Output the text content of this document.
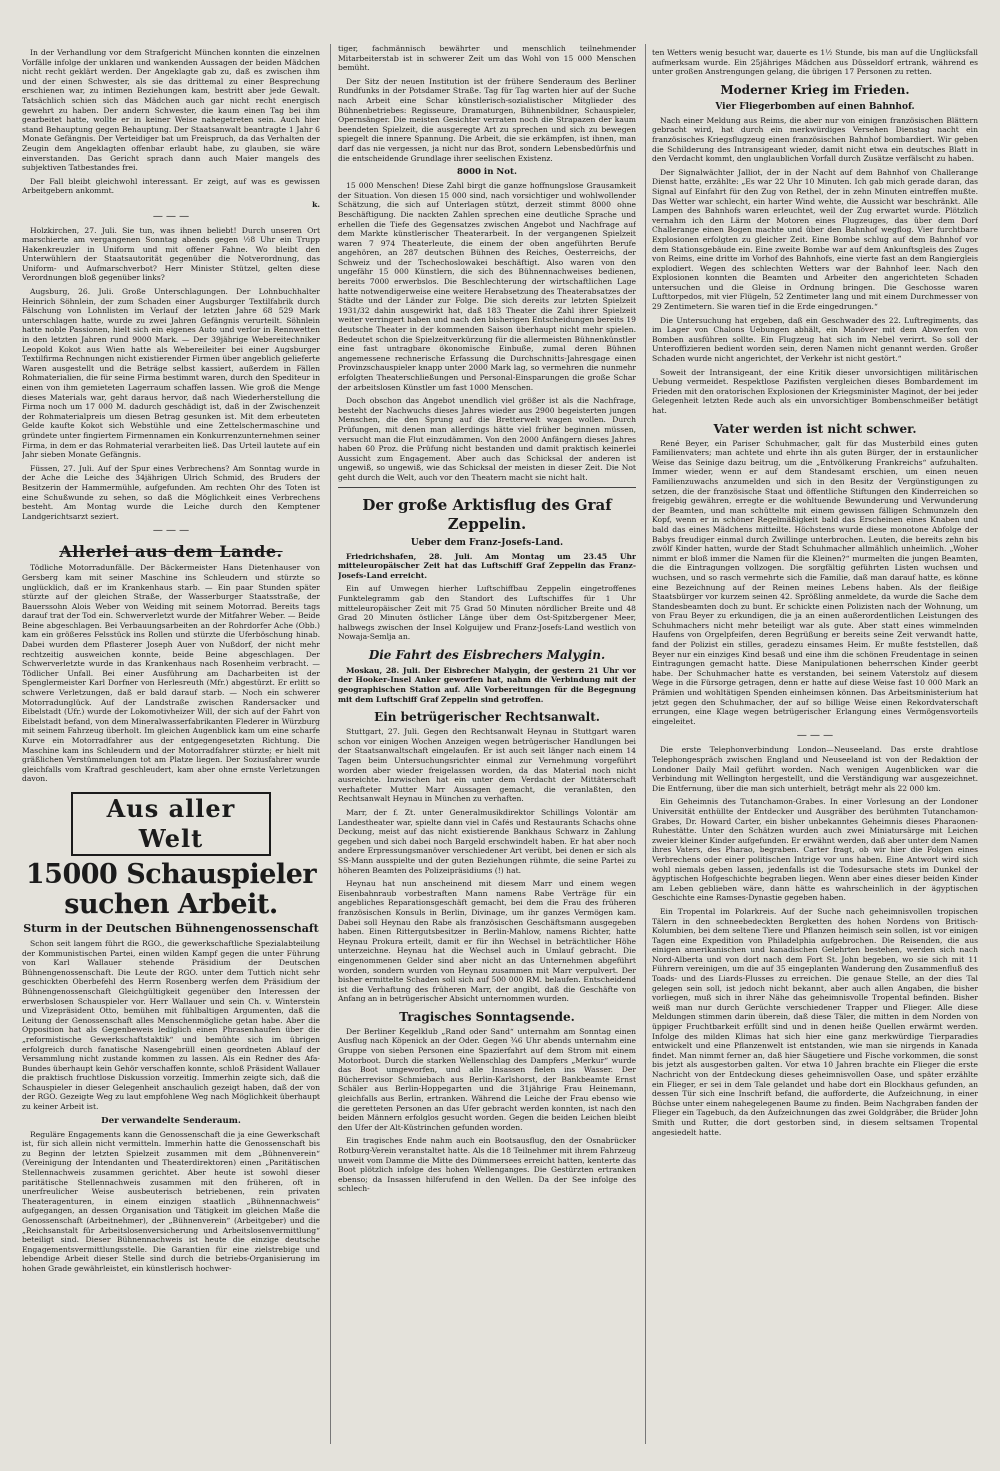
In der Verhandlung vor dem Strafgericht München konnten die einzelnen Vorfälle infolge der unklaren und wankenden Aussagen der beiden Mädchen nicht recht geklärt werden. Der Angeklagte gab zu, daß es zwischen ihm und der einen Schwester, als sie das drittemal zu einer Besprechung erschienen war, zu intimen Beziehungen kam, bestritt aber jede Gewalt. Tatsächlich schien sich das Mädchen auch gar nicht recht energisch gewehrt zu haben. Der andern Schwester, die kaum einen Tag bei ihm gearbeitet hatte, wollte er in keiner Weise nahegetreten sein. Auch hier stand Behauptung gegen Behauptung. Der Staatsanwalt beantragte 1 Jahr 6 Monate Gefängnis. Der Verteidiger bat um Freispruch, da das Verhalten der Zeugin dem Angeklagten offenbar erlaubt habe, zu glauben, sie wäre einverstanden. Das Gericht sprach dann auch Maier mangels des subjektiven Tatbestandes frei.

Der Fall bleibt gleichwohl interessant. Er zeigt, auf was es gewissen Arbeitgebern ankommt.

k.
— — —

Holzkirchen, 27. Juli. Sie tun, was ihnen beliebt! Durch unseren Ort marschierte am vergangenen Sonntag abends gegen ½8 Uhr ein Trupp Hakenkreuzler in Uniform und mit offener Fahne. Wo bleibt den Unterwühlern der Staatsautorität gegenüber die Notverordnung, das Uniform- und Aufmarschverbot? Herr Minister Stützel, gelten diese Verordnungen bloß gegenüber links?

Augsburg, 26. Juli. Große Unterschlagungen. Der Lohnbuchhalter Heinrich Söhnlein, der zum Schaden einer Augsburger Textilfabrik durch Fälschung von Lohnlisten im Verlauf der letzten Jahre 68 529 Mark unterschlagen hatte, wurde zu zwei Jahren Gefängnis verurteilt. Söhnlein hatte noble Passionen, hielt sich ein eigenes Auto und verlor in Rennwetten in den letzten Jahren rund 9000 Mark. — Der 39jährige Webereitechniker Leopold Kokot aus Wien hatte als Webereileiter bei einer Augsburger Textilfirma Rechnungen nicht existierender Firmen über angeblich gelieferte Waren ausgestellt und die Beträge selbst kassiert, außerdem in Fällen Rohmaterialien, die für seine Firma bestimmt waren, durch den Spediteur in einen von ihm gemieteten Lagerraum schaffen lassen. Wie groß die Menge dieses Materials war, geht daraus hervor, daß nach Wiederherstellung die Firma noch um 17 000 M. dadurch geschädigt ist, daß in der Zwischenzeit der Rohmaterialpreis um diesen Betrag gesunken ist. Mit dem erbeuteten Gelde kaufte Kokot sich Webstühle und eine Zettelschermaschine und gründete unter fingiertem Firmennamen ein Konkurrenzunternehmen seiner Firma, in dem er das Rohmaterial verarbeiten ließ. Das Urteil lautete auf ein Jahr sieben Monate Gefängnis.

Füssen, 27. Juli. Auf der Spur eines Verbrechens? Am Sonntag wurde in der Ache die Leiche des 34jährigen Ulrich Schmid, des Bruders der Besitzerin der Hammermühle, aufgefunden. Am rechten Ohr des Toten ist eine Schußwunde zu sehen, so daß die Möglichkeit eines Verbrechens besteht. Am Montag wurde die Leiche durch den Kemptener Landgerichtsarzt seziert.

— — —
Allerlei aus dem Lande.

Tödliche Motorradunfälle. Der Bäckermeister Hans Dietenhauser von Gersberg kam mit seiner Maschine ins Schleudern und stürzte so unglücklich, daß er im Krankenhaus starb. — Ein paar Stunden später stürzte auf der gleichen Straße, der Wasserburger Staatsstraße, der Bauerssohn Alois Weber von Weiding mit seinem Motorrad. Bereits tags darauf trat der Tod ein. Schwerverletzt wurde der Mitfahrer Weber. — Beide Beine abgeschlagen. Bei Verbauungsarbeiten an der Rohrdorfer Ache (Obb.) kam ein größeres Felsstück ins Rollen und stürzte die Uferböschung hinab. Dabei wurden dem Pflasterer Joseph Auer von Nußdorf, der nicht mehr rechtzeitig ausweichen konnte, beide Beine abgeschlagen. Der Schwerverletzte wurde in das Krankenhaus nach Rosenheim verbracht. — Tödlicher Unfall. Bei einer Ausführung am Dacharbeiten ist der Spenglermeister Karl Dorfner von Herlesreuth (Mfr.) abgestürzt. Er erlitt so schwere Verletzungen, daß er bald darauf starb. — Noch ein schwerer Motorradunglück. Auf der Landstraße zwischen Randersacker und Eibelstadt (Ufr.) wurde der Lokomotivheizer Will, der sich auf der Fahrt von Eibelstadt befand, von dem Mineralwasserfabrikanten Flederer in Würzburg mit seinem Fahrzeug überholt. Im gleichen Augenblick kam um eine scharfe Kurve ein Motorradfahrer aus der entgegengesetzten Richtung. Die Maschine kam ins Schleudern und der Motorradfahrer stürzte; er hielt mit gräßlichen Verstümmelungen tot am Platze liegen. Der Soziusfahrer wurde gleichfalls vom Kraftrad geschleudert, kam aber ohne ernste Verletzungen davon.

Aus aller Welt
15000 Schauspieler suchen Arbeit.
Sturm in der Deutschen Bühnengenossenschaft

Schon seit langem führt die RGO., die gewerkschaftliche Spezialabteilung der Kommunistischen Partei, einen wilden Kampf gegen die unter Führung von Karl Wallauer stehende Präsidium der Deutschen Bühnengenossenschaft. Die Leute der RGO. unter dem Tuttich nicht sehr geschickten Oberbefehl des Herrn Rosenberg werfen dem Präsidium der Bühnengenossenschaft Gleichgültigkeit gegenüber den Interessen der erwerbslosen Schauspieler vor. Herr Wallauer und sein Ch. v. Winterstein und Vizepräsident Otto, bemühen mit fühlbaltigen Argumenten, daß die Leitung der Genossenschaft alles Menschenmögliche getan habe. Aber die Opposition hat als Gegenbeweis lediglich einen Phrasenhaufen über die „reformistische Gewerkschaftstaktik“ und bemühte sich im übrigen erfolgreich durch fanatische Nasengebrüll einen geordneten Ablauf der Versammlung nicht zustande kommen zu lassen. Als ein Redner des Afa-Bundes überhaupt kein Gehör verschaffen konnte, schloß Präsident Wallauer die praktisch fruchtlose Diskussion vorzeitig. Immerhin zeigte sich, daß die Schauspieler in dieser Gelegenheit anschaulich gezeigt haben, daß der von der RGO. Gezeigte Weg zu laut empfohlene Weg nach Möglichkeit überhaupt zu keiner Arbeit ist.

Der verwandelte Senderaum.

Reguläre Engagements kann die Genossenschaft die ja eine Gewerkschaft ist, für sich allein nicht vermitteln. Immerhin hatte die Genossenschaft bis zu Beginn der letzten Spielzeit zusammen mit dem „Bühnenverein“ (Vereinigung der Intendanten und Theaterdirektoren) einen „Paritätischen Stellennachweis zusammen gerichtet. Aber heute ist sowohl dieser paritätische Stellennachweis zusammen mit den früheren, oft in unerfreulicher Weise ausbeuterisch betriebenen, rein privaten Theateragenturen, in einem einzigen staatlich „Bühnennachweis“ aufgegangen, an dessen Organisation und Tätigkeit im gleichen Maße die Genossenschaft (Arbeitnehmer), der „Bühnenverein“ (Arbeitgeber) und die „Reichsanstalt für Arbeitslosenversicherung und Arbeitslosenvermittlung“ beteiligt sind. Dieser Bühnennachweis ist heute die einzige deutsche Engagementsvermittlungsstelle. Die Garantien für eine zielstrebige und lebendige Arbeit dieser Stelle sind durch die betriebs-Organisierung im hohen Grade gewährleistet, ein künstlerisch hochwer-

tiger, fachmännisch bewährter und menschlich teilnehmender Mitarbeiterstab ist in schwerer Zeit um das Wohl von 15 000 Menschen bemüht.

Der Sitz der neuen Institution ist der frühere Senderaum des Berliner Rundfunks in der Potsdamer Straße. Tag für Tag warten hier auf der Suche nach Arbeit eine Schar künstlerisch-sozialistischer Mitglieder des Bühnenbetriebes: Regisseure, Dramaturgen, Bühnenbildner, Schauspieler, Opernsänger. Die meisten Gesichter verraten noch die Strapazen der kaum beendeten Spielzeit, die ausgeregte Art zu sprechen und sich zu bewegen spiegelt die innere Spannung. Die Arbeit, die sie erkämpfen, ist ihnen, man darf das nie vergessen, ja nicht nur das Brot, sondern Lebensbedürfnis und die entscheidende Grundlage ihrer seelischen Existenz.

8000 in Not.

15 000 Menschen! Diese Zahl birgt die ganze hoffnungslose Grausamkeit der Situation. Von diesen 15 000 sind, nach vorsichtiger und wohlwollender Schätzung, die sich auf Unterlagen stützt, derzeit stimmt 8000 ohne Beschäftigung. Die nackten Zahlen sprechen eine deutliche Sprache und erhellen die Tiefe des Gegensatzes zwischen Angebot und Nachfrage auf dem Markte künstlerischer Theaterarbeit. In der vergangenen Spielzeit waren 7 974 Theaterleute, die einem der oben angeführten Berufe angehören, an 287 deutschen Bühnen des Reiches, Oesterreichs, der Schweiz und der Tschechoslowakei beschäftigt. Also waren von den ungefähr 15 000 Künstlern, die sich des Bühnennachweises bedienen, bereits 7000 erwerbslos. Die Beschlechterung der wirtschaftlichen Lage hatte notwendigerweise eine weitere Herabsetzung des Theaterabsatzes der Städte und der Länder zur Folge. Die sich dereits zur letzten Spielzeit 1931/32 dahin ausgewirkt hat, daß 183 Theater die Zahl ihrer Spielzeit weiter verringert haben und nach den bisherigen Entscheidungen bereits 19 deutsche Theater in der kommenden Saison überhaupt nicht mehr spielen. Bedeutet schon die Spielzeitverkürzung für die allermeisten Bühnenkünstler eine fast untragbare ökonomische Einbuße, zumal deren Bühnen angemessene rechnerische Erfassung die Durchschnitts-Jahresgage einen Provinzschauspieler knapp unter 2000 Mark lag, so vermehren die nunmehr erfolgten Theaterschließungen und Personal-Einsparungen die große Schar der arbeitslosen Künstler um fast 1000 Menschen.

Doch obschon das Angebot unendlich viel größer ist als die Nachfrage, besteht der Nachwuchs dieses Jahres wieder aus 2900 begeisterten jungen Menschen, die den Sprung auf die Bretterwelt wagen wollen. Durch Prüfungen, mit denen man allerdings hätte viel früher beginnen müssen, versucht man die Flut einzudämmen. Von den 2000 Anfängern dieses Jahres haben 60 Proz. die Prüfung nicht bestanden und damit praktisch keinerlei Aussicht zum Engagement. Aber auch das Schicksal der anderen ist ungewiß, so ungewiß, wie das Schicksal der meisten in dieser Zeit. Die Not geht durch die Welt, auch vor den Theatern macht sie nicht halt.

Der große Arktisflug des Graf Zeppelin.
Ueber dem Franz-Josefs-Land.

Friedrichshafen, 28. Juli. Am Montag um 23.45 Uhr mitteleuropäischer Zeit hat das Luftschiff Graf Zeppelin das Franz-Josefs-Land erreicht.

Ein auf Umwegen hierher Luftschiffbau Zeppelin eingetroffenes Funktelegramm gab den Standort des Luftschiffes für 1 Uhr mitteleuropäischer Zeit mit 75 Grad 50 Minuten nördlicher Breite und 48 Grad 20 Minuten östlicher Länge über dem Ost-Spitzbergener Meer, halbwegs zwischen der Insel Kolguijew und Franz-Josefs-Land westlich von Nowaja-Semlja an.

Die Fahrt des Eisbrechers Malygin.

Moskau, 28. Juli. Der Eisbrecher Malygin, der gestern 21 Uhr vor der Hooker-Insel Anker geworfen hat, nahm die Verbindung mit der geographischen Station auf. Alle Vorbereitungen für die Begegnung mit dem Luftschiff Graf Zeppelin sind getroffen.

Ein betrügerischer Rechtsanwalt.

Stuttgart, 27. Juli. Gegen den Rechtsanwalt Heynau in Stuttgart waren schon vor einigen Wochen Anzeigen wegen betrügerischer Handlungen bei der Staatsanwaltschaft eingelaufen. Er ist auch seit länger nach einem 14 Tagen beim Untersuchungsrichter einmal zur Vernehmung vorgeführt worden aber wieder freigelassen worden, da das Material noch nicht ausreichte. Inzwischen hat ein unter dem Verdacht der Mittäterschaft verhafteter Mutter Marr Aussagen gemacht, die veranlaßten, den Rechtsanwalt Heynau in München zu verhaften.

Marr, der f. Zt. unter Generalmusikdirektor Schillings Volontär am Landestheater war, spielte dann viel in Cafés und Restaurants Schachs ohne Deckung, meist auf das nicht existierende Bankhaus Schwarz in Zahlung gegeben und sich dabei noch Bargeld erschwindelt haben. Er hat aber noch andere Erpressungsmanöver verschiedener Art verübt, bei denen er sich als SS-Mann ausspielte und der guten Beziehungen rühmte, die seine Partei zu höheren Beamten des Polizeipräsidiums (!) hat.

Heynau hat nun anscheinend mit diesem Marr und einem wegen Eisenbahnraub vorbestraften Mann namens Rabe Verträge für ein angebliches Reparationsgeschäft gemacht, bei dem die Frau des früheren französischen Konsuls in Berlin, Divinage, um ihr ganzes Vermögen kam. Dabei soll Heynau den Rabe als französischen Geschäftsmann ausgegeben haben. Einen Rittergutsbesitzer in Berlin-Mahlow, namens Richter, hatte Heynau Prokura erteilt, damit er für ihn Wechsel in beträchtlicher Höhe unterzeichne. Heynau hat die Wechsel auch in Umlauf gebracht. Die eingenommenen Gelder sind aber nicht an das Unternehmen abgeführt worden, sondern wurden von Heynau zusammen mit Marr verpulvert. Der bisher ermittelte Schaden soll sich auf 500 000 RM. belaufen. Entscheidend ist die Verhaftung des früheren Marr, der angibt, daß die Geschäfte von Anfang an in betrügerischer Absicht unternommen wurden.

Tragisches Sonntagsende.

Der Berliner Kegelklub „Rand oder Sand“ unternahm am Sonntag einen Ausflug nach Köpenick an der Oder. Gegen ¾6 Uhr abends unternahm eine Gruppe von sieben Personen eine Spazierfahrt auf dem Strom mit einem Motorboot. Durch die starken Wellenschlag des Dampfers „Merkur“ wurde das Boot umgeworfen, und alle Insassen fielen ins Wasser. Der Bücherrevisor Schmiebach aus Berlin-Karlshorst, der Bankbeamte Ernst Schäler aus Berlin-Hoppegarten und die 31jährige Frau Heinemann, gleichfalls aus Berlin, ertranken. Während die Leiche der Frau ebenso wie die geretteten Personen an das Ufer gebracht werden konnten, ist nach den beiden Männern erfolglos gesucht worden. Gegen die beiden Leichen bleibt den Ufer der Alt-Küstrinchen gefunden worden.

Ein tragisches Ende nahm auch ein Bootsausflug, den der Osnabrücker Rotburg-Verein veranstaltet hatte. Als die 18 Teilnehmer mit ihrem Fahrzeug unweit vom Damme die Mitte des Dümmersees erreicht hatten, kenterte das Boot plötzlich infolge des hohen Wellenganges. Die Gestürzten ertranken ebenso; da Insassen hilferufend in den Wellen. Da der See infolge des schlech-

ten Wetters wenig besucht war, dauerte es 1½ Stunde, bis man auf die Unglücksfall aufmerksam wurde. Ein 25jähriges Mädchen aus Düsseldorf ertrank, während es unter großen Anstrengungen gelang, die übrigen 17 Personen zu retten.

Moderner Krieg im Frieden.
Vier Fliegerbomben auf einen Bahnhof.

Nach einer Meldung aus Reims, die aber nur von einigen französischen Blättern gebracht wird, hat durch ein merkwürdiges Versehen Dienstag nacht ein französisches Kriegsflugzeug einen französischen Bahnhof bombardiert. Wir geben die Schilderung des Intransigeant wieder, damit nicht etwa ein deutsches Blatt in den Verdacht kommt, den unglaublichen Vorfall durch Zusätze verfälscht zu haben.

Der Signalwächter Jalliot, der in der Nacht auf dem Bahnhof von Challerange Dienst hatte, erzählte: „Es war 22 Uhr 10 Minuten. Ich gab mich gerade daran, das Signal auf Einfahrt für den Zug von Rethel, der in zehn Minuten eintreffen mußte. Das Wetter war schlecht, ein harter Wind wehte, die Aussicht war beschränkt. Alle Lampen des Bahnhofs waren erleuchtet, weil der Zug erwartet wurde. Plötzlich vernahm ich den Lärm der Motoren eines Flugzeuges, das über dem Dorf Challerange einen Bogen machte und über den Bahnhof wegflog. Vier furchtbare Explosionen erfolgten zu gleicher Zeit. Eine Bombe schlug auf dem Bahnhof vor dem Stationsgebäude ein. Eine zweite Bombe war auf dem Ankunftsgleis des Zuges von Reims, eine dritte im Vorhof des Bahnhofs, eine vierte fast an dem Rangiergleis explodiert. Wegen des schlechten Wetters war der Bahnhof leer. Nach den Explosionen konnten die Beamten und Arbeiter den angerichteten Schaden untersuchen und die Gleise in Ordnung bringen. Die Geschosse waren Lufttorpedos, mit vier Flügeln, 52 Zentimeter lang und mit einem Durchmesser von 29 Zentimetern. Sie waren tief in die Erde eingedrungen.“

Die Untersuchung hat ergeben, daß ein Geschwader des 22. Luftregiments, das im Lager von Chalons Uebungen abhält, ein Manöver mit dem Abwerfen von Bomben ausführen sollte. Ein Flugzeug hat sich im Nebel verirrt. So soll der Unteroffizieren bedient worden sein, deren Namen nicht genannt werden. Großer Schaden wurde nicht angerichtet, der Verkehr ist nicht gestört.“

Soweit der Intransigeant, der eine Kritik dieser unvorsichtigen militärischen Uebung vermeidet. Respektlose Pazifisten vergleichen dieses Bombardement im Frieden mit den oratorischen Explosionen der Kriegsminister Maginot, der bei jeder Gelegenheit letzten Rede auch als ein unvorsichtiger Bombenschmeißer betätigt hat.

Vater werden ist nicht schwer.

René Beyer, ein Pariser Schuhmacher, galt für das Musterbild eines guten Familienvaters; man achtete und ehrte ihn als guten Bürger, der in erstaunlicher Weise das Seinige dazu beitrug, um die „Entvölkerung Frankreichs“ aufzuhalten. Immer wieder, wenn er auf dem Standesamt erschien, um einen neuen Familienzuwachs anzumelden und sich in den Besitz der Vergünstigungen zu setzen, die der französische Staat und öffentliche Stiftungen den Kinderreichen so freigebig gewähren, erregte er die wohltuende Bewunderung und Verwunderung der Beamten, und man schüttelte mit einem gewissen fälligen Schmunzeln den Kopf, wenn er in schöner Regelmäßigkeit bald das Erscheinen eines Knaben und bald das eines Mädchens mitteilte. Höchstens wurde diese monotone Abfolge der Babys freudiger einmal durch Zwillinge unterbrochen. Leuten, die bereits zehn bis zwölf Kinder hatten, wurde der Stadt Schuhmacher allmählich unheimlich. „Woher nimmt er bloß immer die Namen für die Kleinen?“ murmelten die jungen Beamten, die die Eintragungen vollzogen. Die sorgfältig geführten Listen wuchsen und wuchsen, und so rasch vermehrte sich die Familie, daß man darauf hatte, es könne eine Bezeichnung auf der Reinen meines Lebens haben. Als der fleißige Staatsbürger vor kurzem seinen 42. Sprößling anmeldete, da wurde die Sache dem Standesbeamten doch zu bunt. Er schickte einen Polizisten nach der Wohnung, um von Frau Beyer zu erkundigen, die ja an einen außerordentlichen Leistungen des Schuhmachers nicht mehr beteiligt war als gute. Aber statt eines wimmelnden Haufens von Orgelpfeifen, deren Begrüßung er bereits seine Zeit verwandt hatte, fand der Polizist ein stilles, geradezu einsames Heim. Er mußte feststellen, daß Beyer nur ein einziges Kind besaß und eine ihm die schönen Freudentage in seinen Eintragungen gemacht hatte. Diese Manipulationen beherrschen Kinder geerbt habe. Der Schuhmacher hatte es verstanden, bei seinem Vaterstolz auf diesem Wege in die Fürsorge getragen, denn er hatte auf diese Weise fast 10 000 Mark an Prämien und wohltätigen Spenden einheimsen können. Das Arbeitsministerium hat jetzt gegen den Schuhmacher, der auf so billige Weise einen Rekordvaterschaft errungen, eine Klage wegen betrügerischer Erlangung eines Vermögensvorteils eingeleitet.

— — —

Die erste Telephonverbindung London—Neuseeland. Das erste drahtlose Telephongespräch zwischen England und Neuseeland ist von der Redaktion der Londoner Daily Mail geführt worden. Nach wenigen Augenblicken war die Verbindung mit Wellington hergestellt, und die Verständigung war ausgezeichnet. Die Entfernung, über die man sich unterhielt, beträgt mehr als 22 000 km.

Ein Geheimnis des Tutanchamon-Grabes. In einer Vorlesung an der Londoner Universität enthüllte der Entdecker und Ausgräber des berühmten Tutanchamon-Grabes, Dr. Howard Carter, ein bisher unbekanntes Geheimnis dieses Pharaonen-Ruhestätte. Unter den Schätzen wurden auch zwei Miniatursärge mit Leichen zweier kleiner Kinder aufgefunden. Er erwähnt werden, daß aber unter dem Namen ihres Vaters, des Pharao, begraben. Carter fragt, ob wir hier die Folgen eines Verbrechens oder einer politischen Intrige vor uns haben. Eine Antwort wird sich wohl niemals geben lassen, jedenfalls ist die Todesursache stets im Dunkel der ägyptischen Hofgeschichte begraben liegen. Wenn aber eines dieser beiden Kinder am Leben geblieben wäre, dann hätte es wahrscheinlich in der ägyptischen Geschichte eine Ramses-Dynastie gegeben haben.

Ein Tropental im Polarkreis. Auf der Suche nach geheimnisvollen tropischen Tälern in den schneebedeckten Bergketten des hohen Nordens von Britisch-Kolumbien, bei dem seltene Tiere und Pflanzen heimisch sein sollen, ist vor einigen Tagen eine Expedition von Philadelphia aufgebrochen. Die Reisenden, die aus einigen amerikanischen und kanadischen Gelehrten bestehen, werden sich nach Nord-Alberta und von dort nach dem Fort St. John begeben, wo sie sich mit 11 Führern vereinigen, um die auf 35 eingeplanten Wanderung den Zusammenfluß des Toads- und des Liards-Flusses zu erreichen. Die genaue Stelle, an der dies Tal gelegen sein soll, ist jedoch nicht bekannt, aber auch allen Angaben, die bisher vorliegen, muß sich in ihrer Nähe das geheimnisvolle Tropental befinden. Bisher weiß man nur durch Gerüchte verschiedener Trapper und Flieger. Alle diese Meldungen stimmen darin überein, daß diese Täler, die mitten in dem Norden von üppiger Fruchtbarkeit erfüllt sind und in denen heiße Quellen erwärmt werden. Infolge des milden Klimas hat sich hier eine ganz merkwürdige Tierparadies entwickelt und eine Pflanzenwelt ist entstanden, wie man sie nirgends in Kanada findet. Man nimmt ferner an, daß hier Säugetiere und Fische vorkommen, die sonst bis jetzt als ausgestorben galten. Vor etwa 10 Jahren brachte ein Flieger die erste Nachricht von der Entdeckung dieses geheimnisvollen Oase, und später erzählte ein Flieger, er sei in dem Tale gelandet und habe dort ein Blockhaus gefunden, an dessen Tür sich eine Inschrift befand, die aufforderte, die Aufzeichnung, in einer Büchse unter einem nahegelegenen Baume zu finden. Beim Nachgraben fanden der Flieger ein Tagebuch, da den Aufzeichnungen das zwei Goldgräber, die Brüder John Smith und Rutter, die dort gestorben sind, in diesem seltsamen Tropental angesiedelt hatte.
